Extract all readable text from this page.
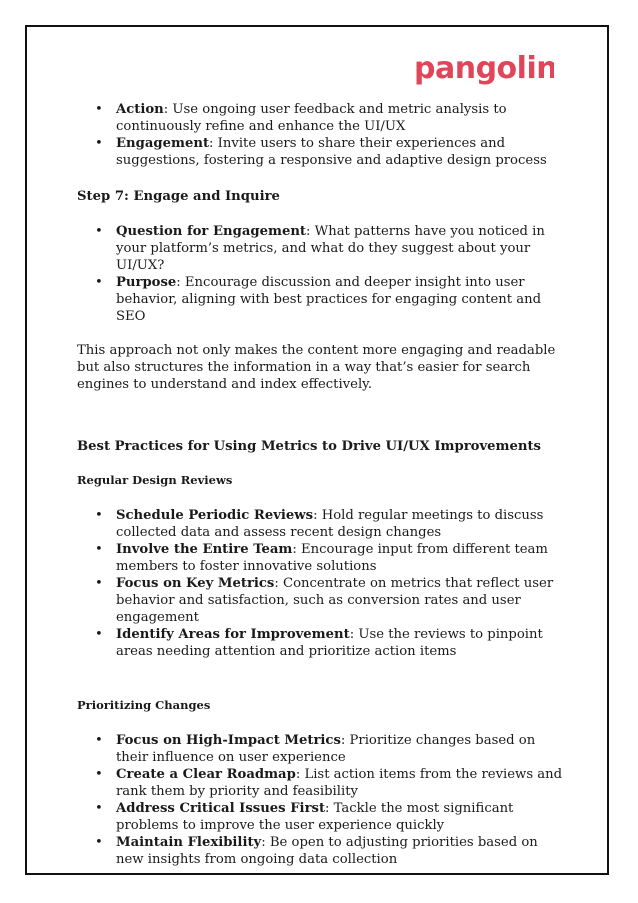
pangolin
• Action: Use ongoing user feedback and metric analysis to continuously refine and enhance the UI/UX
• Engagement: Invite users to share their experiences and suggestions, fostering a responsive and adaptive design process

Step 7: Engage and Inquire

• Question for Engagement: What patterns have you noticed in your platform’s metrics, and what do they suggest about your UI/UX?
• Purpose: Encourage discussion and deeper insight into user behavior, aligning with best practices for engaging content and SEO

This approach not only makes the content more engaging and readable but also structures the information in a way that’s easier for search engines to understand and index effectively.

Best Practices for Using Metrics to Drive UI/UX Improvements

Regular Design Reviews

• Schedule Periodic Reviews: Hold regular meetings to discuss collected data and assess recent design changes
• Involve the Entire Team: Encourage input from different team members to foster innovative solutions
• Focus on Key Metrics: Concentrate on metrics that reflect user behavior and satisfaction, such as conversion rates and user engagement
• Identify Areas for Improvement: Use the reviews to pinpoint areas needing attention and prioritize action items

Prioritizing Changes

• Focus on High-Impact Metrics: Prioritize changes based on their influence on user experience
• Create a Clear Roadmap: List action items from the reviews and rank them by priority and feasibility
• Address Critical Issues First: Tackle the most significant problems to improve the user experience quickly
• Maintain Flexibility: Be open to adjusting priorities based on new insights from ongoing data collection
